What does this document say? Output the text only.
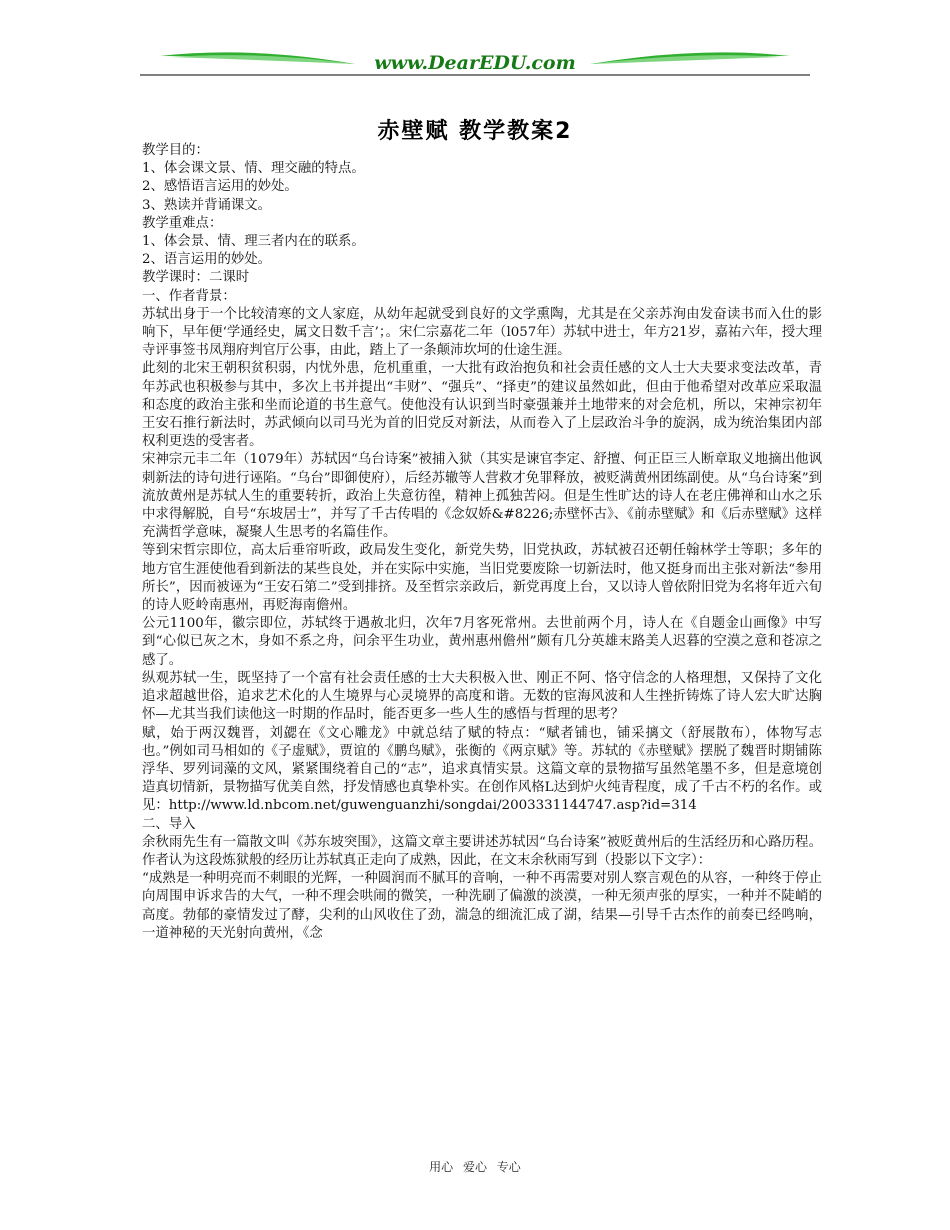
www.DearEDU.com
赤壁赋 教学教案2

教学目的：

1、体会课文景、情、理交融的特点。

2、感悟语言运用的妙处。

3、熟读并背诵课文。

教学重难点：

1、体会景、情、理三者内在的联系。

2、语言运用的妙处。

教学课时：二课时

一、作者背景：

苏轼出身于一个比较清寒的文人家庭，从幼年起就受到良好的文学熏陶，尤其是在父亲苏洵由发奋读书而入仕的影响下，早年便‘学通经史，属文日数千言’；。宋仁宗嘉花二年（l057年）苏轼中进士，年方21岁，嘉祐六年，授大理寺评事签书凤翔府判官厅公事，由此，踏上了一条颠沛坎坷的仕途生涯。

此刻的北宋王朝积贫积弱，内忧外患，危机重重，一大批有政治抱负和社会责任感的文人士大夫要求变法改革，青年苏武也积极参与其中，多次上书并提出“丰财”、“强兵”、“择吏”的建议虽然如此，但由于他希望对改革应采取温和态度的政治主张和坐而论道的书生意气。使他没有认识到当时豪强兼并土地带来的对会危机，所以，宋神宗初年王安石推行新法时，苏武倾向以司马光为首的旧党反对新法，从而卷入了上层政治斗争的旋涡，成为统治集团内部权利更迭的受害者。

宋神宗元丰二年（1079年）苏轼因“乌台诗案”被捕入狱（其实是谏官李定、舒擅、何正臣三人断章取义地摘出他讽刺新法的诗句进行诬陷。“乌台”即御使府），后经苏辙等人营救才免罪释放，被贬满黄州团练副使。从“乌台诗案”到流放黄州是苏轼人生的重要转折，政治上失意彷徨，精神上孤独苦闷。但是生性旷达的诗人在老庄佛禅和山水之乐中求得解脱，自号“东坡居士”，并写了千古传唱的《念奴娇&#8226;赤壁怀古》、《前赤壁赋》和《后赤壁赋》这样充满哲学意味，凝聚人生思考的名篇佳作。

等到宋哲宗即位，高太后垂帘听政，政局发生变化，新党失势，旧党执政，苏轼被召还朝任翰林学士等职；多年的地方官生涯使他看到新法的某些良处，并在实际中实施，当旧党要废除一切新法时，他又挺身而出主张对新法“参用所长”，因而被诬为“王安石第二”受到排挤。及至哲宗亲政后，新党再度上台，又以诗人曾依附旧党为名将年近六旬的诗人贬岭南惠州，再贬海南儋州。

公元1100年，徽宗即位，苏轼终于遇赦北归，次年7月客死常州。去世前两个月，诗人在《自题金山画像》中写到“心似已灰之木，身如不系之舟，问余平生功业，黄州惠州儋州”颇有几分英雄末路美人迟暮的空漠之意和苍凉之感了。

纵观苏轼一生，既坚持了一个富有社会责任感的士大夫积极入世、刚正不阿、恪守信念的人格理想，又保持了文化追求超越世俗，追求艺术化的人生境界与心灵境界的高度和谐。无数的宦海风波和人生挫折铸炼了诗人宏大旷达胸怀—尤其当我们读他这一时期的作品时，能否更多一些人生的感悟与哲理的思考？

赋，始于两汉魏晋，刘勰在《文心雕龙》中就总结了赋的特点：“赋者铺也，铺采摛文（舒展散布），体物写志也。”例如司马相如的《子虚赋》，贾谊的《鹏鸟赋》，张衡的《两京赋》等。苏轼的《赤壁赋》摆脱了魏晋时期铺陈浮华、罗列词藻的文风，紧紧围绕着自己的“志”，追求真情实景。这篇文章的景物描写虽然笔墨不多，但是意境创造真切情新，景物描写优美自然，抒发情感也真挚朴实。在创作风格L达到炉火纯青程度，成了千古不朽的名作。或见：http://www.ld.nbcom.net/guwenguanzhi/songdai/2003331144747.asp?id=314

二、导入

余秋雨先生有一篇散文叫《苏东坡突围》，这篇文章主要讲述苏轼因“乌台诗案”被贬黄州后的生活经历和心路历程。作者认为这段炼狱般的经历让苏轼真正走向了成熟，因此，在文末余秋雨写到（投影以下文字）：

“成熟是一种明亮而不刺眼的光辉，一种圆润而不腻耳的音响，一种不再需要对别人察言观色的从容，一种终于停止向周围申诉求告的大气，一种不理会哄闹的微笑，一种洗刷了偏激的淡漠，一种无须声张的厚实，一种并不陡峭的高度。勃郁的豪情发过了酵，尖利的山风收住了劲，湍急的细流汇成了湖，结果—引导千古杰作的前奏已经鸣响，一道神秘的天光射向黄州，《念

用心 爱心 专心
